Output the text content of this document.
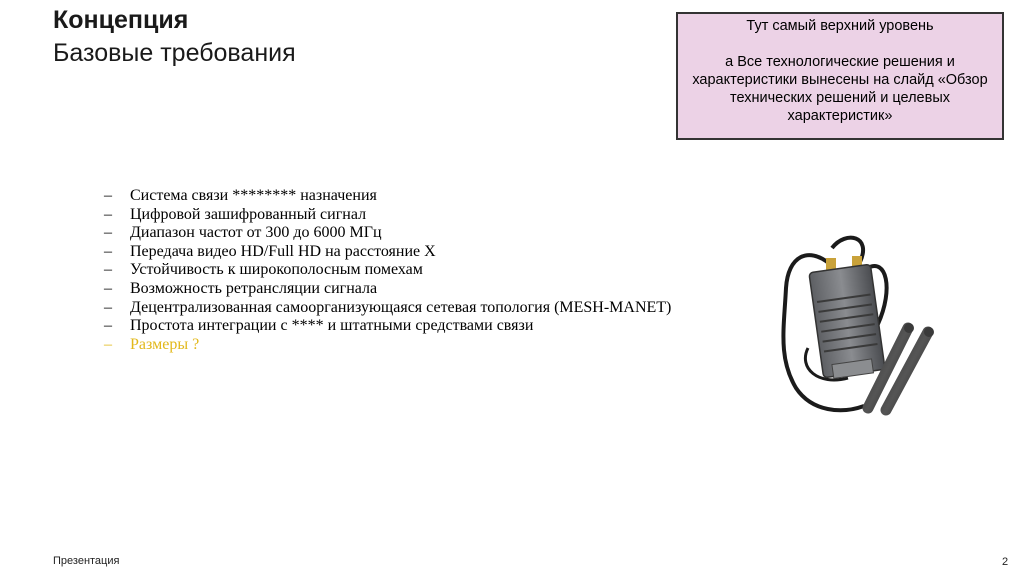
Концепция
Базовые требования

Тут самый верхний уровень

а Все технологические решения и характеристики вынесены на слайд «Обзор технических решений и целевых характеристик»

– Система связи ******** назначения
– Цифровой зашифрованный сигнал
– Диапазон частот от 300 до 6000 МГц
– Передача видео HD/Full HD на расстояние Х
– Устойчивость к широкополосным помехам
– Возможность ретрансляции сигнала
– Децентрализованная самоорганизующаяся сетевая топология (MESH-MANET)
– Простота интеграции с **** и штатными средствами связи
– Размеры ?
Презентация	2
